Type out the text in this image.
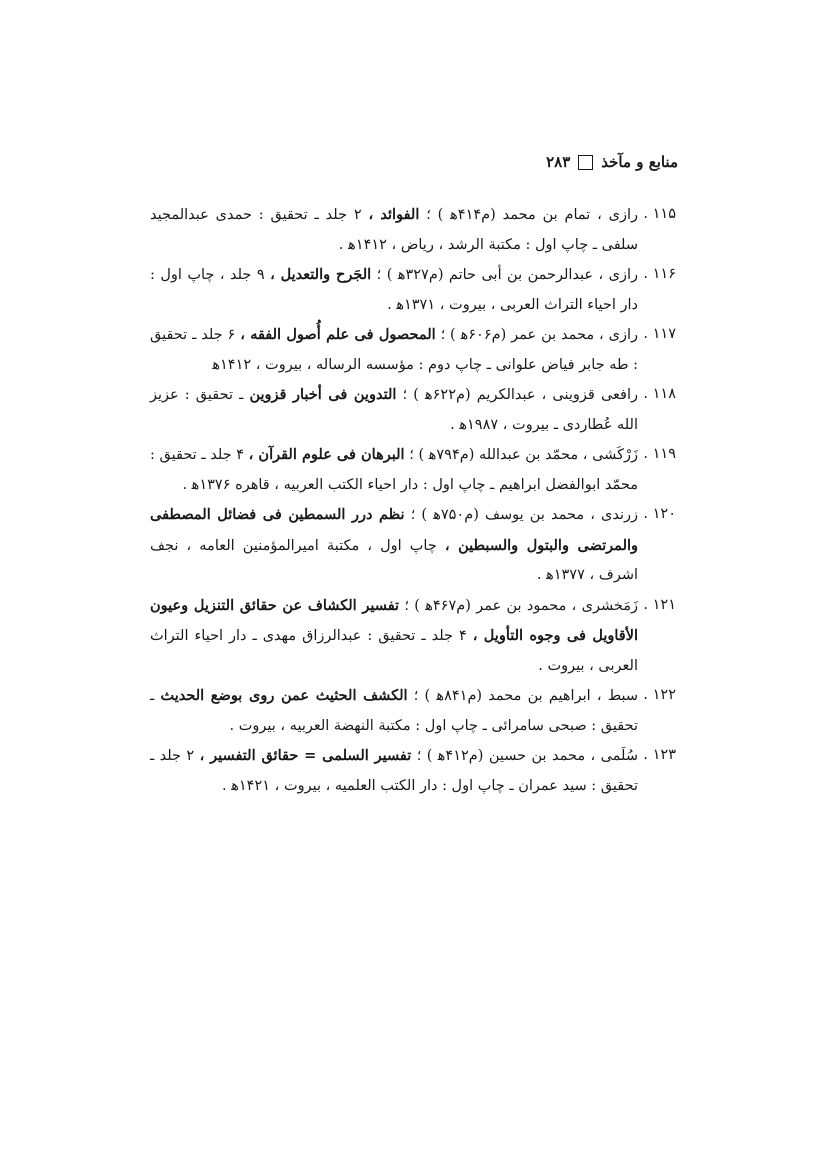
منابع و مآخذ
۲۸۳

۱۱۵ .
رازی ، تمام بن محمد (م۴۱۴ﻫ ) ؛ الفوائد ، ۲ جلد ـ تحقیق : حمدی عبدالمجید سلفی ـ چاپ اول : مکتبة الرشد ، ریاض ، ۱۴۱۲ﻫ .

۱۱۶ .
رازی ، عبدالرحمن بن أبی حاتم (م۳۲۷ﻫ ) ؛ الجَرح والتعدیل ، ۹ جلد ، چاپ اول : دار احیاء التراث العربی ، بیروت ، ۱۳۷۱ﻫ .

۱۱۷ .
رازی ، محمد بن عمر (م۶۰۶ﻫ ) ؛ المحصول فی علم أُصول الفقه ، ۶ جلد ـ تحقیق : طه جابر فیاض علوانی ـ چاپ دوم : مؤسسه الرساله ، بیروت ، ۱۴۱۲ﻫ

۱۱۸ .
رافعی قزوینی ، عبدالکریم (م۶۲۲ﻫ ) ؛ التدوین فی أخبار قزوین ـ تحقیق : عزیز الله عُطاردی ـ بیروت ، ۱۹۸۷ﻫ .

۱۱۹ .
زَرْکَشی ، محمّد بن عبدالله (م۷۹۴ﻫ ) ؛ البرهان فی علوم القرآن ، ۴ جلد ـ تحقیق : محمّد ابوالفضل ابراهیم ـ چاپ اول : دار احیاء الکتب العربیه ، قاهره ۱۳۷۶ﻫ .

۱۲۰ .
زرندی ، محمد بن یوسف (م۷۵۰ﻫ ) ؛ نظم درر السمطین فی فضائل المصطفی والمرتضی والبتول والسبطین ، چاپ اول ، مکتبة امیرالمؤمنین العامه ، نجف اشرف ، ۱۳۷۷ﻫ .

۱۲۱ .
زَمَخشری ، محمود بن عمر (م۴۶۷ﻫ ) ؛ تفسیر الکشاف عن حقائق التنزیل وعیون الأقاویل فی وجوه التأویل ، ۴ جلد ـ تحقیق : عبدالرزاق مهدی ـ دار احیاء التراث العربی ، بیروت .

۱۲۲ .
سبط ، ابراهیم بن محمد (م۸۴۱ﻫ ) ؛ الکشف الحثیث عمن روی بوضع الحدیث ـ تحقیق : صبحی سامرائی ـ چاپ اول : مکتبة النهضة العربیه ، بیروت .

۱۲۳ .
سُلَمی ، محمد بن حسین (م۴۱۲ﻫ ) ؛ تفسیر السلمی = حقائق التفسیر ، ۲ جلد ـ تحقیق : سید عمران ـ چاپ اول : دار الکتب العلمیه ، بیروت ، ۱۴۲۱ﻫ .
